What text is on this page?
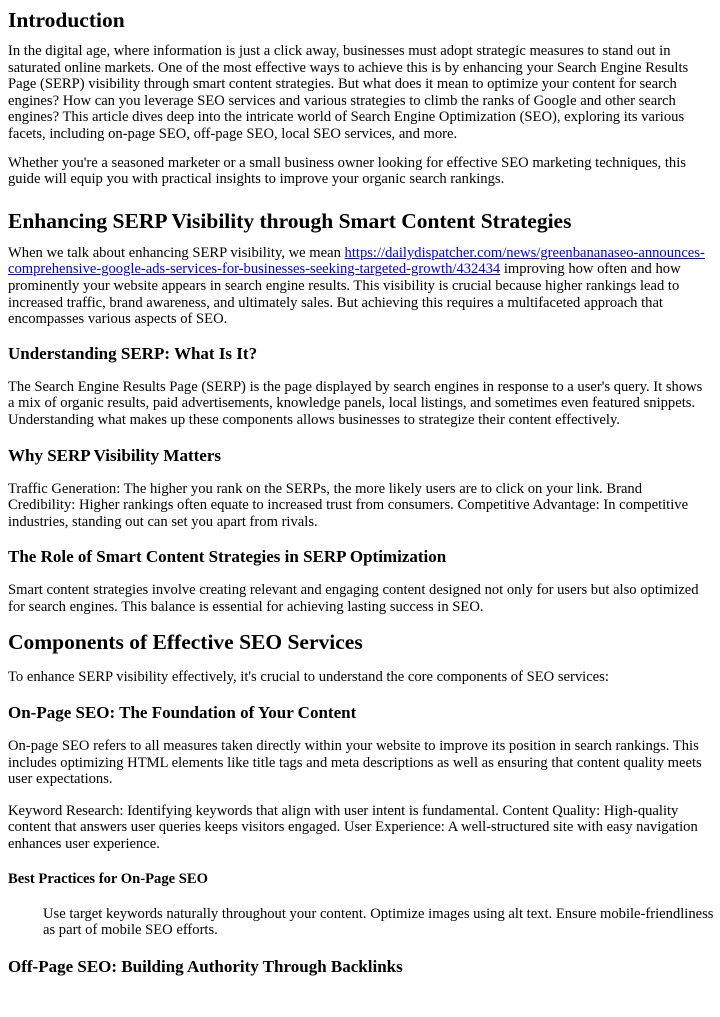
Introduction

In the digital age, where information is just a click away, businesses must adopt strategic measures to stand out in saturated online markets. One of the most effective ways to achieve this is by enhancing your Search Engine Results Page (SERP) visibility through smart content strategies. But what does it mean to optimize your content for search engines? How can you leverage SEO services and various strategies to climb the ranks of Google and other search engines? This article dives deep into the intricate world of Search Engine Optimization (SEO), exploring its various facets, including on-page SEO, off-page SEO, local SEO services, and more.

Whether you're a seasoned marketer or a small business owner looking for effective SEO marketing techniques, this guide will equip you with practical insights to improve your organic search rankings.

Enhancing SERP Visibility through Smart Content Strategies

When we talk about enhancing SERP visibility, we mean https://dailydispatcher.com/news/greenbananaseo-announces-comprehensive-google-ads-services-for-businesses-seeking-targeted-growth/432434 improving how often and how prominently your website appears in search engine results. This visibility is crucial because higher rankings lead to increased traffic, brand awareness, and ultimately sales. But achieving this requires a multifaceted approach that encompasses various aspects of SEO.

Understanding SERP: What Is It?

The Search Engine Results Page (SERP) is the page displayed by search engines in response to a user's query. It shows a mix of organic results, paid advertisements, knowledge panels, local listings, and sometimes even featured snippets. Understanding what makes up these components allows businesses to strategize their content effectively.

Why SERP Visibility Matters

Traffic Generation: The higher you rank on the SERPs, the more likely users are to click on your link. Brand Credibility: Higher rankings often equate to increased trust from consumers. Competitive Advantage: In competitive industries, standing out can set you apart from rivals.

The Role of Smart Content Strategies in SERP Optimization

Smart content strategies involve creating relevant and engaging content designed not only for users but also optimized for search engines. This balance is essential for achieving lasting success in SEO.

Components of Effective SEO Services

To enhance SERP visibility effectively, it's crucial to understand the core components of SEO services:

On-Page SEO: The Foundation of Your Content

On-page SEO refers to all measures taken directly within your website to improve its position in search rankings. This includes optimizing HTML elements like title tags and meta descriptions as well as ensuring that content quality meets user expectations.

Keyword Research: Identifying keywords that align with user intent is fundamental. Content Quality: High-quality content that answers user queries keeps visitors engaged. User Experience: A well-structured site with easy navigation enhances user experience.

Best Practices for On-Page SEO
Use target keywords naturally throughout your content. Optimize images using alt text. Ensure mobile-friendliness as part of mobile SEO efforts.
Off-Page SEO: Building Authority Through Backlinks
